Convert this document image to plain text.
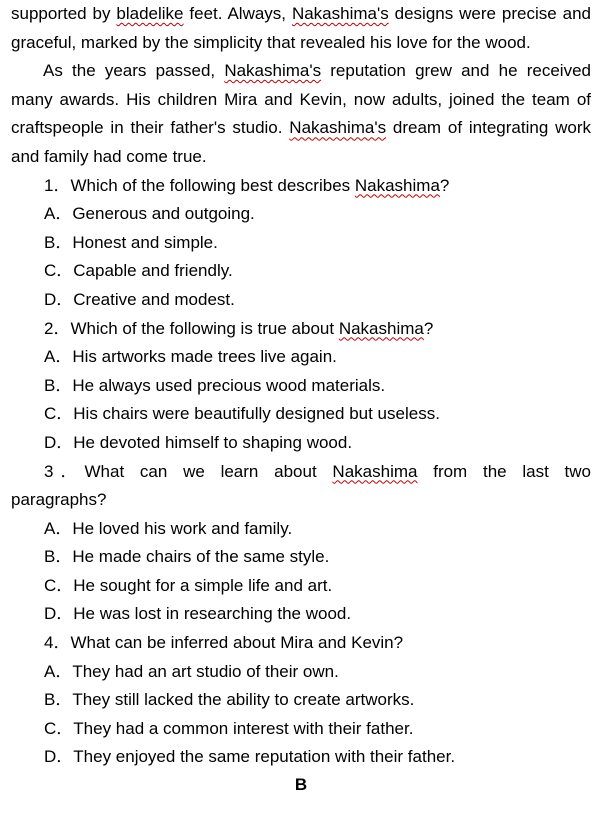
supported by bladelike feet. Always, Nakashima's designs were precise and graceful, marked by the simplicity that revealed his love for the wood.

As the years passed, Nakashima's reputation grew and he received many awards. His children Mira and Kevin, now adults, joined the team of craftspeople in their father's studio. Nakashima's dream of integrating work and family had come true.

1．Which of the following best describes Nakashima?
A．Generous and outgoing.
B．Honest and simple.
C．Capable and friendly.
D．Creative and modest.
2．Which of the following is true about Nakashima?
A．His artworks made trees live again.
B．He always used precious wood materials.
C．His chairs were beautifully designed but useless.
D．He devoted himself to shaping wood.

3．What can we learn about Nakashima from the last two paragraphs?

A．He loved his work and family.
B．He made chairs of the same style.
C．He sought for a simple life and art.
D．He was lost in researching the wood.
4．What can be inferred about Mira and Kevin?
A．They had an art studio of their own.
B．They still lacked the ability to create artworks.
C．They had a common interest with their father.
D．They enjoyed the same reputation with their father.
B
